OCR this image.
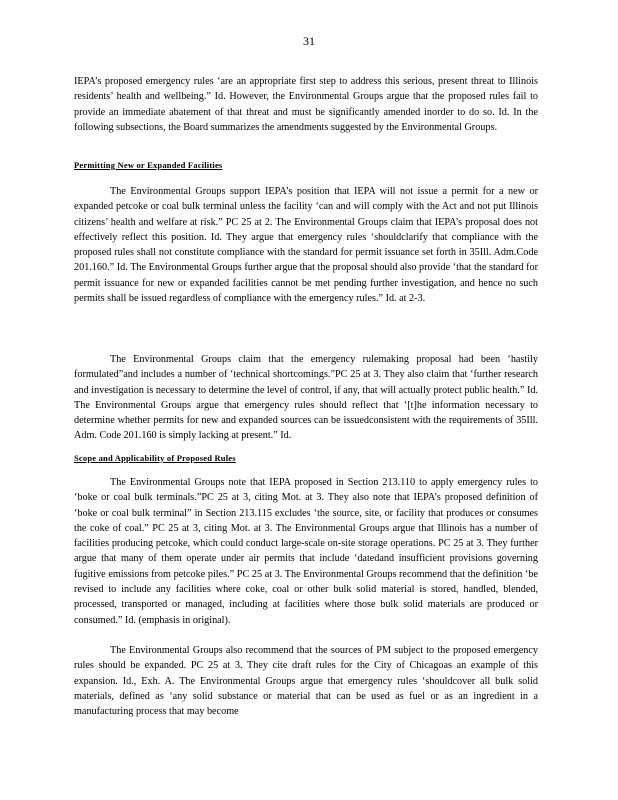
31

IEPA’s proposed emergency rules ‘are an appropriate first step to address this serious, present threat to Illinois residents’ health and wellbeing.” Id. However, the Environmental Groups argue that the proposed rules fail to provide an immediate abatement of that threat and must be significantly amended inorder to do so. Id. In the following subsections, the Board summarizes the amendments suggested by the Environmental Groups.

Permitting New or Expanded Facilities

The Environmental Groups support IEPA’s position that IEPA will not issue a permit for a new or expanded petcoke or coal bulk terminal unless the facility ‘can and will comply with the Act and not put Illinois citizens’ health and welfare at risk.” PC 25 at 2. The Environmental Groups claim that IEPA’s proposal does not effectively reflect this position. Id. They argue that emergency rules ‘shouldclarify that compliance with the proposed rules shall not constitute compliance with the standard for permit issuance set forth in 35Ill. Adm.Code 201.160.” Id. The Environmental Groups further argue that the proposal should also provide ‘that the standard for permit issuance for new or expanded facilities cannot be met pending further investigation, and hence no such permits shall be issued regardless of compliance with the emergency rules.” Id. at 2-3.

The Environmental Groups claim that the emergency rulemaking proposal had been ‘hastily formulated”and includes a number of ‘technical shortcomings.”PC 25 at 3. They also claim that ‘further research and investigation is necessary to determine the level of control, if any, that will actually protect public health.” Id. The Environmental Groups argue that emergency rules should reflect that ‘[t]he information necessary to determine whether permits for new and expanded sources can be issuedconsistent with the requirements of 35Ill. Adm. Code 201.160 is simply lacking at present.” Id.

Scope and Applicability of Proposed Rules

The Environmental Groups note that IEPA proposed in Section 213.110 to apply emergency rules to ‘boke or coal bulk terminals.”PC 25 at 3, citing Mot. at 3. They also note that IEPA’s proposed definition of ‘boke or coal bulk terminal” in Section 213.115 excludes ‘the source, site, or facility that produces or consumes the coke of coal.” PC 25 at 3, citing Mot. at 3. The Environmental Groups argue that Illinois has a number of facilities producing petcoke, which could conduct large-scale on-site storage operations. PC 25 at 3. They further argue that many of them operate under air permits that include ‘datedand insufficient provisions governing fugitive emissions from petcoke piles.” PC 25 at 3. The Environmental Groups recommend that the definition ‘be revised to include any facilities where coke, coal or other bulk solid material is stored, handled, blended, processed, transported or managed, including at facilities where those bulk solid materials are produced or consumed.” Id. (emphasis in original).

The Environmental Groups also recommend that the sources of PM subject to the proposed emergency rules should be expanded. PC 25 at 3. They cite draft rules for the City of Chicagoas an example of this expansion. Id., Exh. A. The Environmental Groups argue that emergency rules ‘shouldcover all bulk solid materials, defined as ‘any solid substance or material that can be used as fuel or as an ingredient in a manufacturing process that may become
